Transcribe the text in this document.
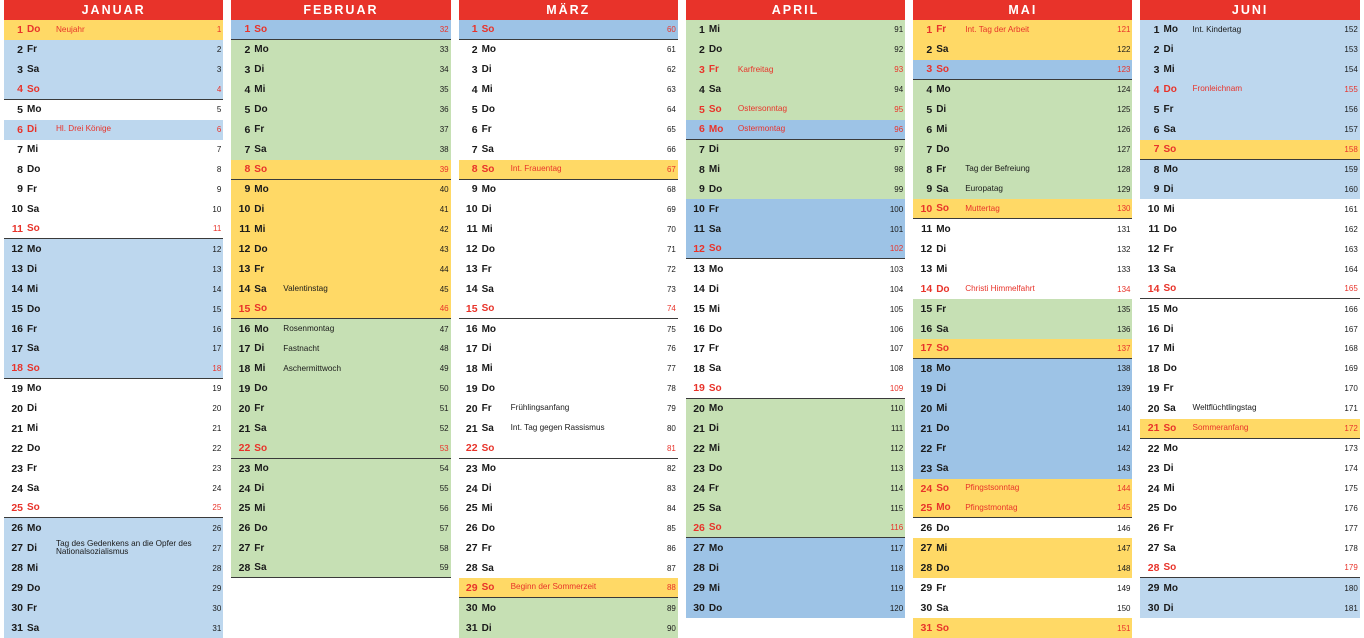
JANUAR
1 Do	Neujahr	1
2 Fr	2
3 Sa	3
4 So	4
5 Mo	5
6 Di	Hl. Drei Könige	6
7 Mi	7
8 Do	8
9 Fr	9
10 Sa	10
11 So	11
12 Mo	12
13 Di	13
14 Mi	14
15 Do	15
16 Fr	16
17 Sa	17
18 So	18
19 Mo	19
20 Di	20
21 Mi	21
22 Do	22
23 Fr	23
24 Sa	24
25 So	25
26 Mo	26
27 Di	Tag des Gedenkens an die Opfer des Nationalsozialismus	27
28 Mi	28
29 Do	29
30 Fr	30
31 Sa	31
FEBRUAR
1 So	32
2 Mo	33
3 Di	34
4 Mi	35
5 Do	36
6 Fr	37
7 Sa	38
8 So	39
9 Mo	40
10 Di	41
11 Mi	42
12 Do	43
13 Fr	44
14 Sa	Valentinstag	45
15 So	46
16 Mo	Rosenmontag	47
17 Di	Fastnacht	48
18 Mi	Aschermittwoch	49
19 Do	50
20 Fr	51
21 Sa	52
22 So	53
23 Mo	54
24 Di	55
25 Mi	56
26 Do	57
27 Fr	58
28 Sa	59
MÄRZ
1 So	60
2 Mo	61
3 Di	62
4 Mi	63
5 Do	64
6 Fr	65
7 Sa	66
8 So	Int. Frauentag	67
9 Mo	68
10 Di	69
11 Mi	70
12 Do	71
13 Fr	72
14 Sa	73
15 So	74
16 Mo	75
17 Di	76
18 Mi	77
19 Do	78
20 Fr	Frühlingsanfang	79
21 Sa	Int. Tag gegen Rassismus	80
22 So	81
23 Mo	82
24 Di	83
25 Mi	84
26 Do	85
27 Fr	86
28 Sa	87
29 So	Beginn der Sommerzeit	88
30 Mo	89
31 Di	90
APRIL
1 Mi	91
2 Do	92
3 Fr	Karfreitag	93
4 Sa	94
5 So	Ostersonntag	95
6 Mo	Ostermontag	96
7 Di	97
8 Mi	98
9 Do	99
10 Fr	100
11 Sa	101
12 So	102
13 Mo	103
14 Di	104
15 Mi	105
16 Do	106
17 Fr	107
18 Sa	108
19 So	109
20 Mo	110
21 Di	111
22 Mi	112
23 Do	113
24 Fr	114
25 Sa	115
26 So	116
27 Mo	117
28 Di	118
29 Mi	119
30 Do	120
MAI
1 Fr	Int. Tag der Arbeit	121
2 Sa	122
3 So	123
4 Mo	124
5 Di	125
6 Mi	126
7 Do	127
8 Fr	Tag der Befreiung	128
9 Sa	Europatag	129
10 So	Muttertag	130
11 Mo	131
12 Di	132
13 Mi	133
14 Do	Christi Himmelfahrt	134
15 Fr	135
16 Sa	136
17 So	137
18 Mo	138
19 Di	139
20 Mi	140
21 Do	141
22 Fr	142
23 Sa	143
24 So	Pfingstsonntag	144
25 Mo	Pfingstmontag	145
26 Do	146
27 Mi	147
28 Do	148
29 Fr	149
30 Sa	150
31 So	151
JUNI
1 Mo	Int. Kindertag	152
2 Di	153
3 Mi	154
4 Do	Fronleichnam	155
5 Fr	156
6 Sa	157
7 So	158
8 Mo	159
9 Di	160
10 Mi	161
11 Do	162
12 Fr	163
13 Sa	164
14 So	165
15 Mo	166
16 Di	167
17 Mi	168
18 Do	169
19 Fr	170
20 Sa	Weltflüchtlingstag	171
21 So	Sommeranfang	172
22 Mo	173
23 Di	174
24 Mi	175
25 Do	176
26 Fr	177
27 Sa	178
28 So	179
29 Mo	180
30 Di	181
